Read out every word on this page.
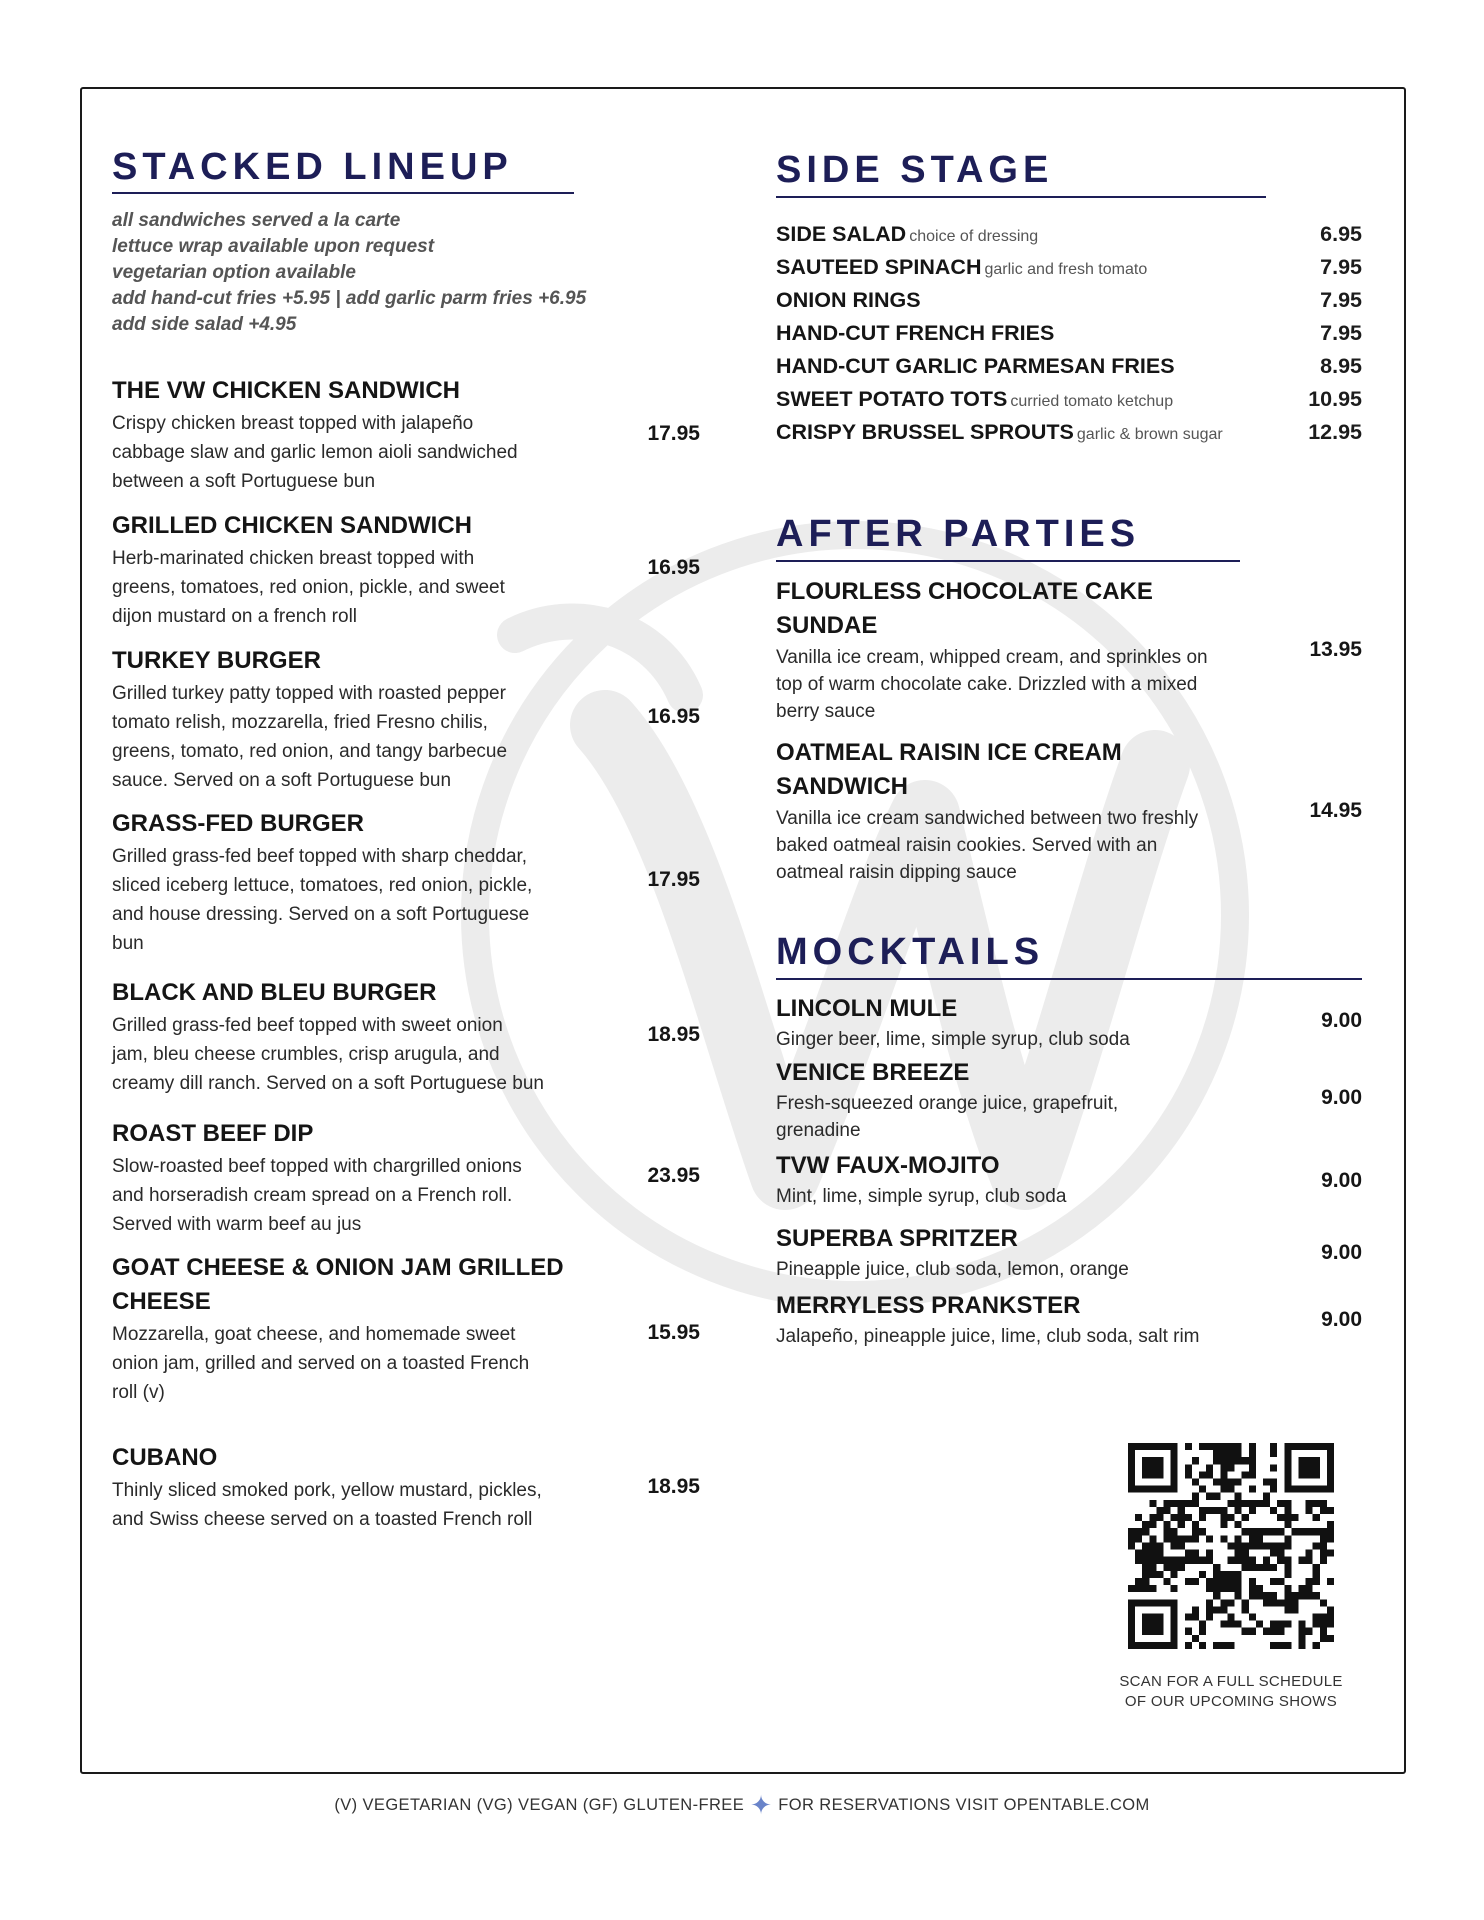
STACKED LINEUP
all sandwiches served a la carte
lettuce wrap available upon request
vegetarian option available
add hand-cut fries +5.95 | add garlic parm fries +6.95
add side salad +4.95
THE VW CHICKEN SANDWICH
Crispy chicken breast topped with jalapeño
cabbage slaw and garlic lemon aioli sandwiched
between a soft Portuguese bun
17.95
GRILLED CHICKEN SANDWICH
Herb-marinated chicken breast topped with
greens, tomatoes, red onion, pickle, and sweet
dijon mustard on a french roll
16.95
TURKEY BURGER
Grilled turkey patty topped with roasted pepper
tomato relish, mozzarella, fried Fresno chilis,
greens, tomato, red onion, and tangy barbecue
sauce. Served on a soft Portuguese bun
16.95
GRASS-FED BURGER
Grilled grass-fed beef topped with sharp cheddar,
sliced iceberg lettuce, tomatoes, red onion, pickle,
and house dressing. Served on a soft Portuguese
bun
17.95
BLACK AND BLEU BURGER
Grilled grass-fed beef topped with sweet onion
jam, bleu cheese crumbles, crisp arugula, and
creamy dill ranch. Served on a soft Portuguese bun
18.95
ROAST BEEF DIP
Slow-roasted beef topped with chargrilled onions
and horseradish cream spread on a French roll.
Served with warm beef au jus
23.95
GOAT CHEESE & ONION JAM GRILLED
CHEESE
Mozzarella, goat cheese, and homemade sweet
onion jam, grilled and served on a toasted French
roll (v)
15.95
CUBANO
Thinly sliced smoked pork, yellow mustard, pickles,
and Swiss cheese served on a toasted French roll
18.95
SIDE STAGE
SIDE SALAD choice of dressing	6.95
SAUTEED SPINACH garlic and fresh tomato	7.95
ONION RINGS	7.95
HAND-CUT FRENCH FRIES	7.95
HAND-CUT GARLIC PARMESAN FRIES	8.95
SWEET POTATO TOTS curried tomato ketchup	10.95
CRISPY BRUSSEL SPROUTS garlic & brown sugar	12.95
AFTER PARTIES
FLOURLESS CHOCOLATE CAKE
SUNDAE
Vanilla ice cream, whipped cream, and sprinkles on
top of warm chocolate cake. Drizzled with a mixed
berry sauce
13.95
OATMEAL RAISIN ICE CREAM
SANDWICH
Vanilla ice cream sandwiched between two freshly
baked oatmeal raisin cookies. Served with an
oatmeal raisin dipping sauce
14.95
MOCKTAILS
LINCOLN MULE
Ginger beer, lime, simple syrup, club soda
9.00
VENICE BREEZE
Fresh-squeezed orange juice, grapefruit,
grenadine
9.00
TVW FAUX-MOJITO
Mint, lime, simple syrup, club soda
9.00
SUPERBA SPRITZER
Pineapple juice, club soda, lemon, orange
9.00
MERRYLESS PRANKSTER
Jalapeño, pineapple juice, lime, club soda, salt rim
9.00
SCAN FOR A FULL SCHEDULE
OF OUR UPCOMING SHOWS
(V) VEGETARIAN (VG) VEGAN (GF) GLUTEN-FREE ✦ FOR RESERVATIONS VISIT OPENTABLE.COM
